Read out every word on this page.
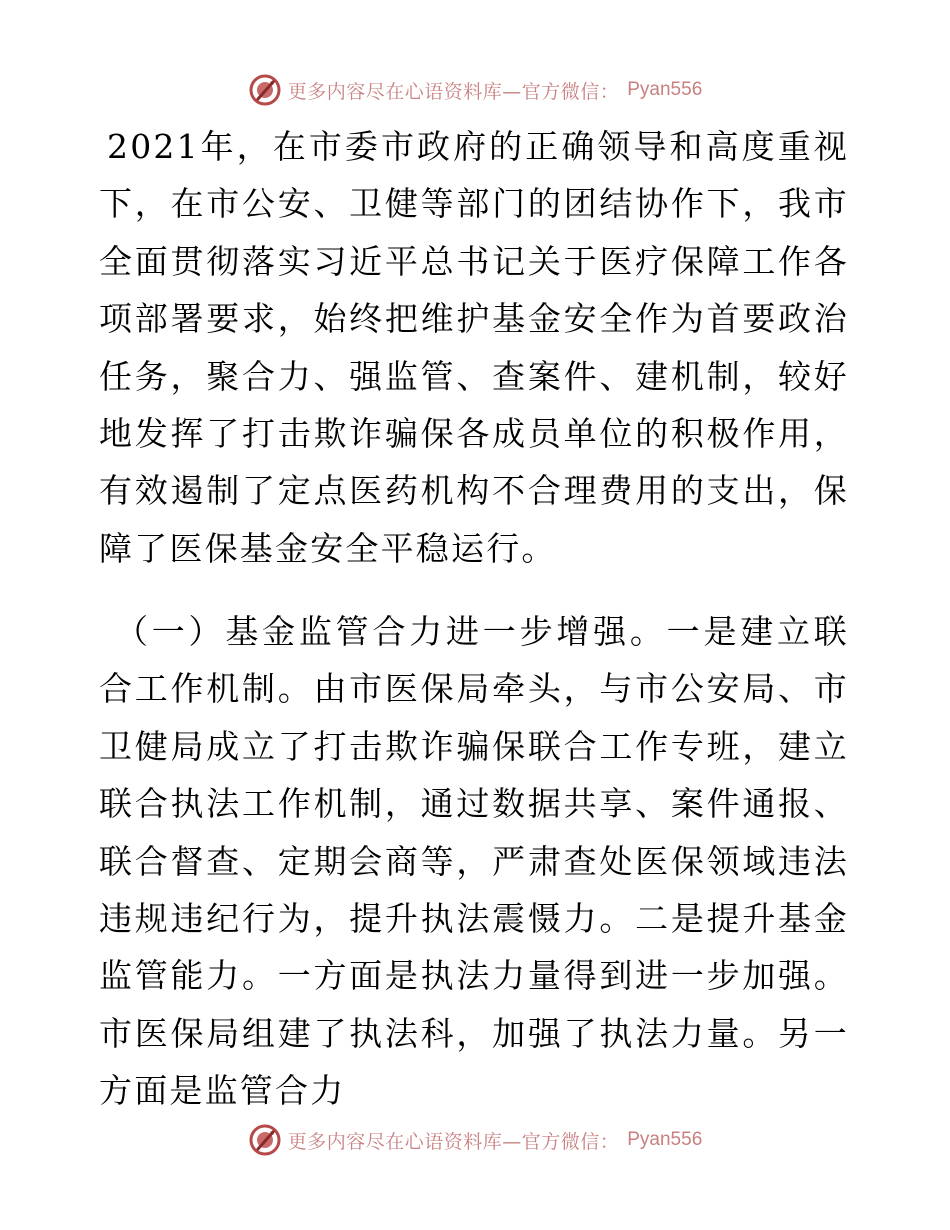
更多内容尽在心语资料库—官方微信： Pyan556

2021年，在市委市政府的正确领导和高度重视下，在市公安、卫健等部门的团结协作下，我市全面贯彻落实习近平总书记关于医疗保障工作各项部署要求，始终把维护基金安全作为首要政治任务，聚合力、强监管、查案件、建机制，较好地发挥了打击欺诈骗保各成员单位的积极作用，有效遏制了定点医药机构不合理费用的支出，保障了医保基金安全平稳运行。

（一）基金监管合力进一步增强。一是建立联合工作机制。由市医保局牵头，与市公安局、市卫健局成立了打击欺诈骗保联合工作专班，建立联合执法工作机制，通过数据共享、案件通报、联合督查、定期会商等，严肃查处医保领域违法违规违纪行为，提升执法震慑力。二是提升基金监管能力。一方面是执法力量得到进一步加强。市医保局组建了执法科，加强了执法力量。另一方面是监管合力

更多内容尽在心语资料库—官方微信： Pyan556
